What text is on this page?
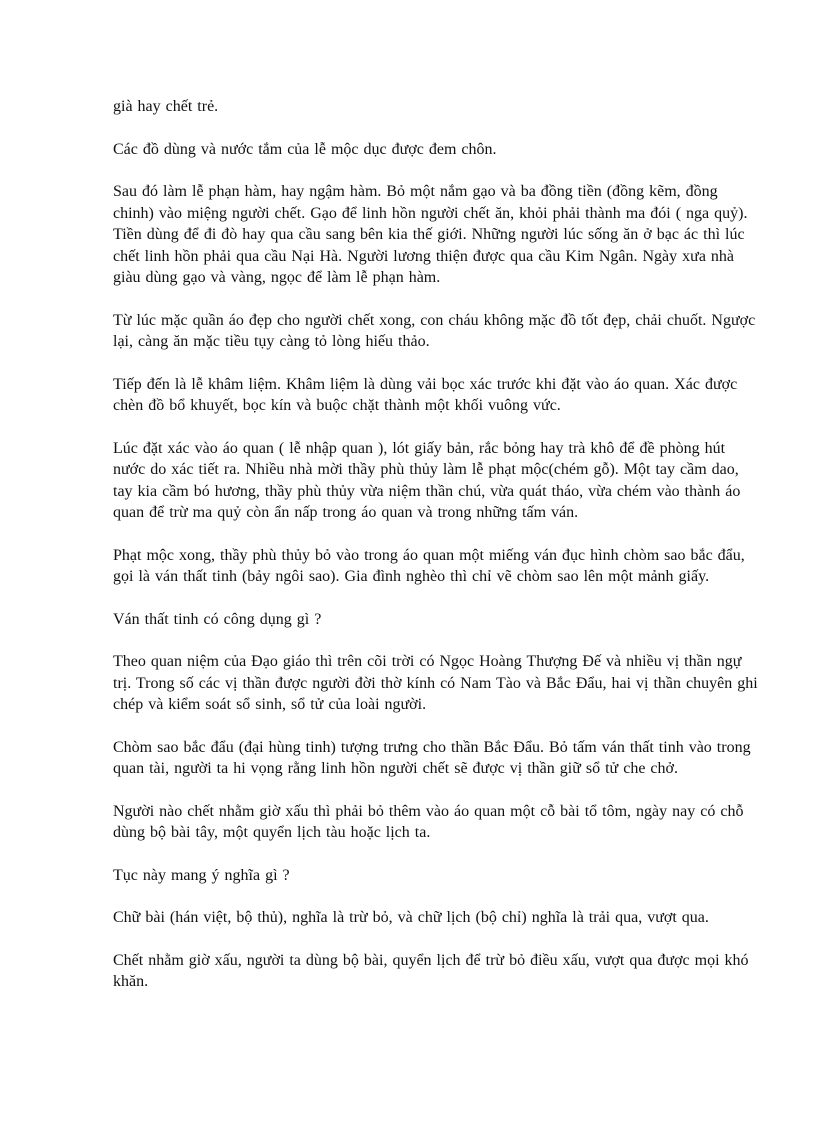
già hay chết trẻ.

Các đồ dùng và nước tắm của lễ mộc dục được đem chôn.

Sau đó làm lễ phạn hàm, hay ngậm hàm. Bỏ một nắm gạo và ba đồng tiền (đồng kẽm, đồng chinh) vào miệng người chết. Gạo để linh hồn người chết ăn, khỏi phải thành ma đói ( nga quỷ). Tiền dùng để đi đò hay qua cầu sang bên kia thế giới. Những người lúc sống ăn ở bạc ác thì lúc chết linh hồn phải qua cầu Nại Hà. Người lương thiện được qua cầu Kim Ngân. Ngày xưa nhà giàu dùng gạo và vàng, ngọc để làm lễ phạn hàm.

Từ lúc mặc quần áo đẹp cho người chết xong, con cháu không mặc đồ tốt đẹp, chải chuốt. Ngược lại, càng ăn mặc tiều tụy càng tỏ lòng hiếu thảo.

Tiếp đến là lễ khâm liệm. Khâm liệm là dùng vải bọc xác trước khi đặt vào áo quan. Xác được chèn đồ bổ khuyết, bọc kín và buộc chặt thành một khối vuông vức.

Lúc đặt xác vào áo quan ( lễ nhập quan ), lót giấy bản, rắc bỏng hay trà khô để đề phòng hút nước do xác tiết ra. Nhiều nhà mời thầy phù thủy làm lễ phạt mộc(chém gỗ). Một tay cầm dao, tay kia cầm bó hương, thầy phù thủy vừa niệm thần chú, vừa quát tháo, vừa chém vào thành áo quan để trừ ma quỷ còn ẩn nấp trong áo quan và trong những tấm ván.

Phạt mộc xong, thầy phù thủy bỏ vào trong áo quan một miếng ván đục hình chòm sao bắc đẩu, gọi là ván thất tinh (bảy ngôi sao). Gia đình nghèo thì chỉ vẽ chòm sao lên một mảnh giấy.

Ván thất tinh có công dụng gì ?

Theo quan niệm của Đạo giáo thì trên cõi trời có Ngọc Hoàng Thượng Đế và nhiều vị thần ngự trị. Trong số các vị thần được người đời thờ kính có Nam Tào và Bắc Đẩu, hai vị thần chuyên ghi chép và kiểm soát sổ sinh, sổ tử của loài người.

Chòm sao bắc đẩu (đại hùng tinh) tượng trưng cho thần Bắc Đẩu. Bỏ tấm ván thất tinh vào trong quan tài, người ta hi vọng rằng linh hồn người chết sẽ được vị thần giữ sổ tử che chở.

Người nào chết nhằm giờ xấu thì phải bỏ thêm vào áo quan một cỗ bài tổ tôm, ngày nay có chỗ dùng bộ bài tây, một quyển lịch tàu hoặc lịch ta.

Tục này mang ý nghĩa gì ?

Chữ bài (hán việt, bộ thủ), nghĩa là trừ bỏ, và chữ lịch (bộ chỉ) nghĩa là trải qua, vượt qua.

Chết nhằm giờ xấu, người ta dùng bộ bài, quyển lịch để trừ bỏ điều xấu, vượt qua được mọi khó khăn.
